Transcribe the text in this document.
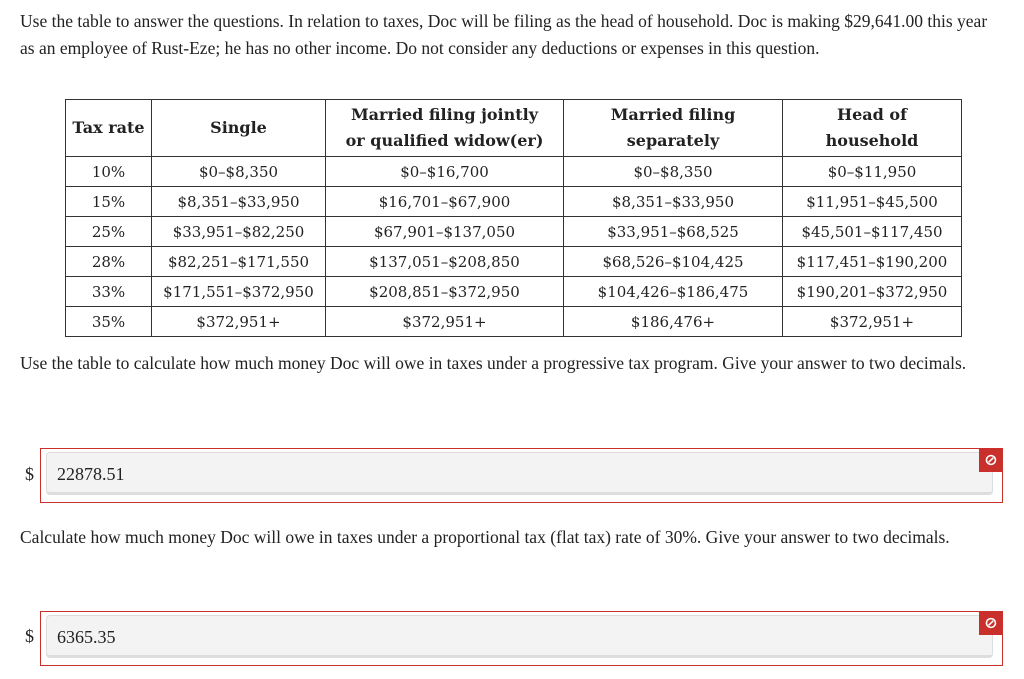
Use the table to answer the questions. In relation to taxes, Doc will be filing as the head of household. Doc is making $29,641.00 this year as an employee of Rust-Eze; he has no other income. Do not consider any deductions or expenses in this question.

Tax rate	Single	Married filing jointly or qualified widow(er)	Married filing separately	Head of household
10%	$0–$8,350	$0–$16,700	$0–$8,350	$0–$11,950
15%	$8,351–$33,950	$16,701–$67,900	$8,351–$33,950	$11,951–$45,500
25%	$33,951–$82,250	$67,901–$137,050	$33,951–$68,525	$45,501–$117,450
28%	$82,251–$171,550	$137,051–$208,850	$68,526–$104,425	$117,451–$190,200
33%	$171,551–$372,950	$208,851–$372,950	$104,426–$186,475	$190,201–$372,950
35%	$372,951+	$372,951+	$186,476+	$372,951+

Use the table to calculate how much money Doc will owe in taxes under a progressive tax program. Give your answer to two decimals.

$	22878.51
⊘

Calculate how much money Doc will owe in taxes under a proportional tax (flat tax) rate of 30%. Give your answer to two decimals.

$	6365.35
⊘
